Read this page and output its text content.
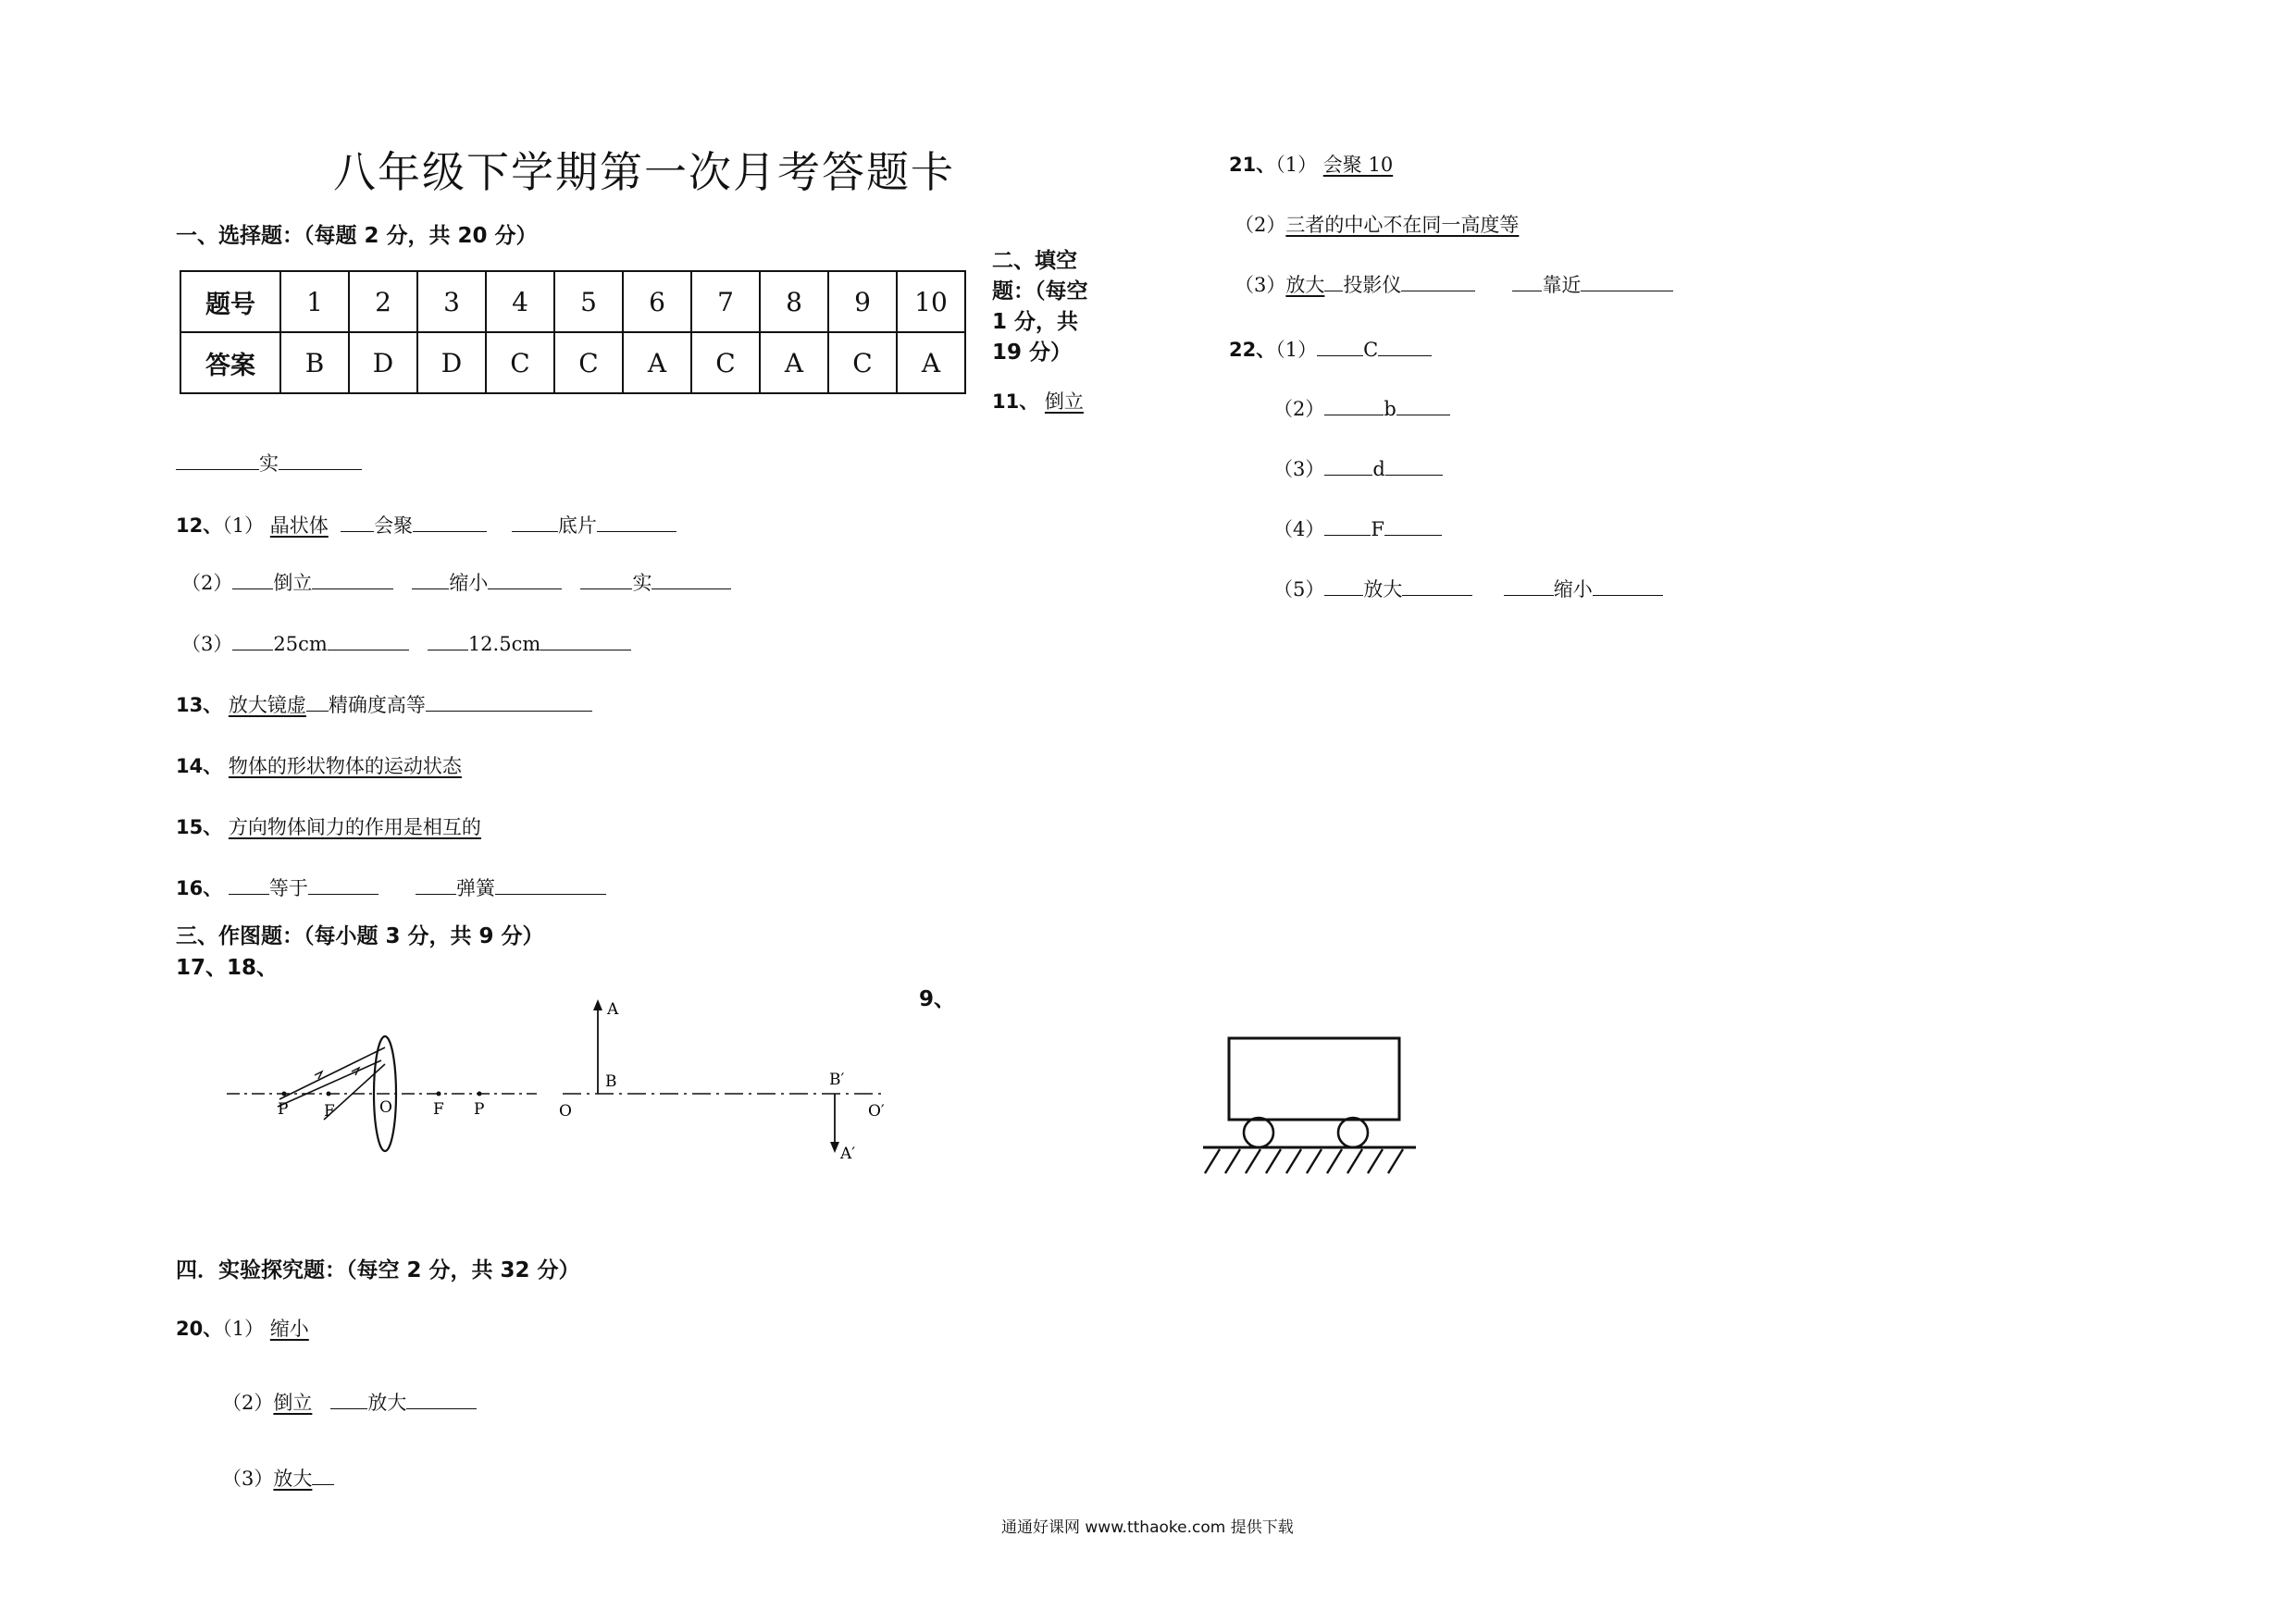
八年级下学期第一次月考答题卡
一、选择题：（每题 2 分，共 20 分）
题号	1	2	3	4	5	6	7	8	9	10
答案	B	D	D	C	C	A	C	A	C	A
二、填空
题：（每空
1 分，共
19 分）
11、 倒立
实
12、（1） 晶状体 会聚	底片
（2） 倒立	缩小	实
（3） 25cm	12.5cm
13、 放大镜虚 精确度高等
14、 物体的形状物体的运动状态
15、 方向物体间力的作用是相互的
16、 等于	弹簧
三、作图题：（每小题 3 分，共 9 分）
17、18、
9、
P F	O	F P
A
B
O
B′
O′
A′
四．实验探究题：（每空 2 分，共 32 分）
20、（1） 缩小
（2）倒立	放大
（3）放大
21、（1） 会聚 10
（2）三者的中心不在同一高度等
（3）放大 投影仪	靠近
22、（1） C
（2）	b
（3） d
（4） F
（5） 放大	缩小
通通好课网 www.tthaoke.com 提供下载
